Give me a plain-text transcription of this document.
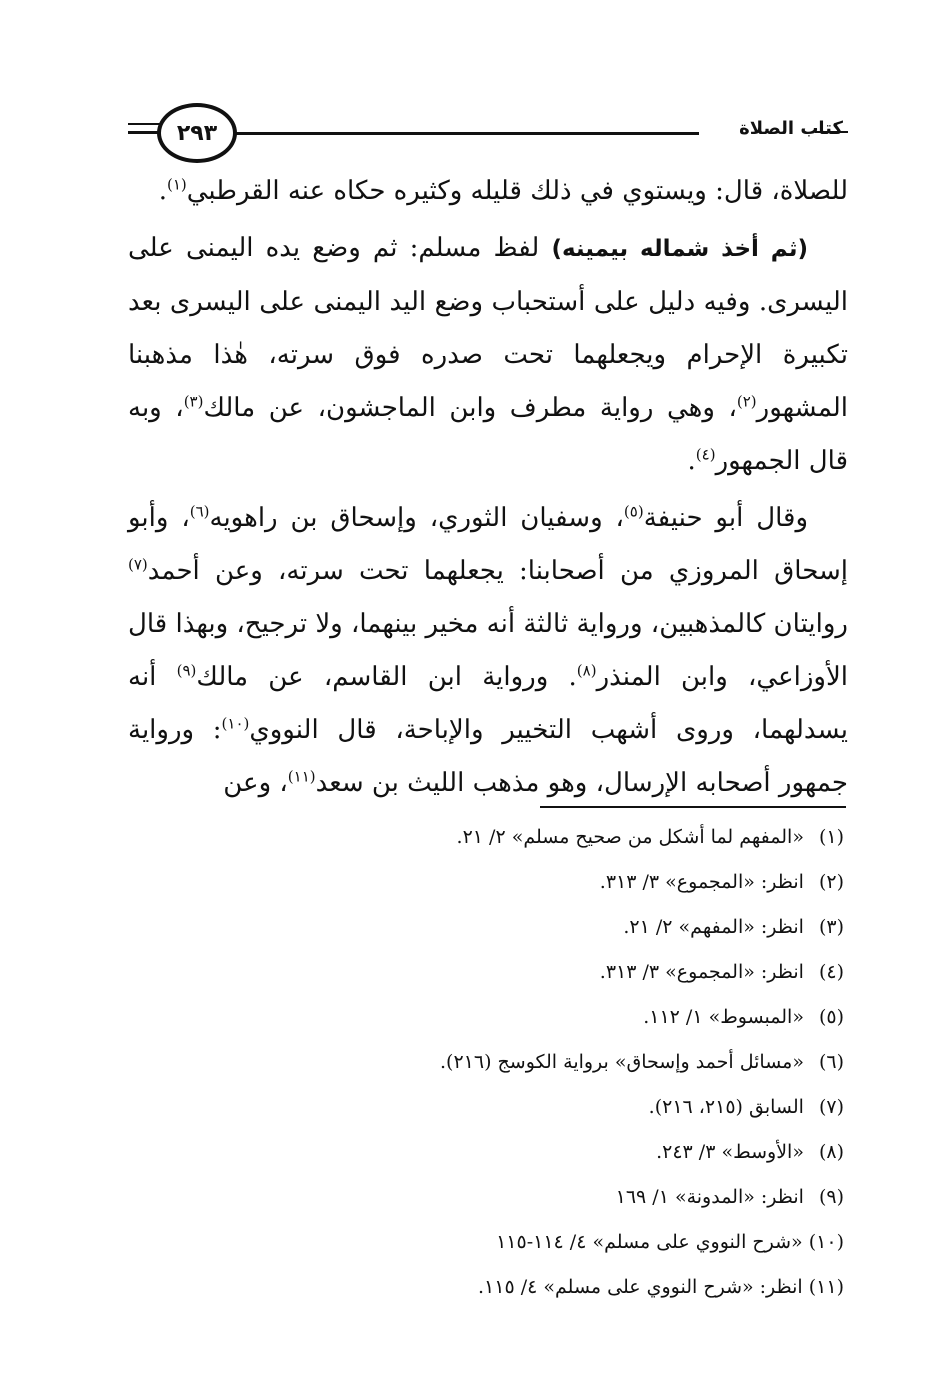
٢٩٣	كتاب الصلاة

للصلاة، قال: ويستوي في ذلك قليله وكثيره حكاه عنه القرطبي$^{(١)}$.

(ثم أخذ شماله بيمينه) لفظ مسلم: ثم وضع يده اليمنى على اليسرى. وفيه دليل على أستحباب وضع اليد اليمنى على اليسرى بعد تكبيرة الإحرام ويجعلهما تحت صدره فوق سرته، هٰذا مذهبنا المشهور$^{(٢)}$، وهي رواية مطرف وابن الماجشون، عن مالك$^{(٣)}$، وبه قال الجمهور$^{(٤)}$.

وقال أبو حنيفة$^{(٥)}$، وسفيان الثوري، وإسحاق بن راهويه$^{(٦)}$، وأبو إسحاق المروزي من أصحابنا: يجعلهما تحت سرته، وعن أحمد$^{(٧)}$ روايتان كالمذهبين، ورواية ثالثة أنه مخير بينهما، ولا ترجيح، وبهذا قال الأوزاعي، وابن المنذر$^{(٨)}$. ورواية ابن القاسم، عن مالك$^{(٩)}$ أنه يسدلهما، وروى أشهب التخيير والإباحة، قال النووي$^{(١٠)}$: ورواية جمهور أصحابه الإرسال، وهو مذهب الليث بن سعد$^{(١١)}$، وعن

(١) «المفهم لما أشكل من صحيح مسلم» ٢/ ٢١.
(٢) انظر: «المجموع» ٣/ ٣١٣.
(٣) انظر: «المفهم» ٢/ ٢١.
(٤) انظر: «المجموع» ٣/ ٣١٣.
(٥) «المبسوط» ١/ ١١٢.
(٦) «مسائل أحمد وإسحاق» برواية الكوسج (٢١٦).
(٧) السابق (٢١٥، ٢١٦).
(٨) «الأوسط» ٣/ ٢٤٣.
(٩) انظر: «المدونة» ١/ ١٦٩
(١٠) «شرح النووي على مسلم» ٤/ ١١٤-١١٥
(١١) انظر: «شرح النووي على مسلم» ٤/ ١١٥.
